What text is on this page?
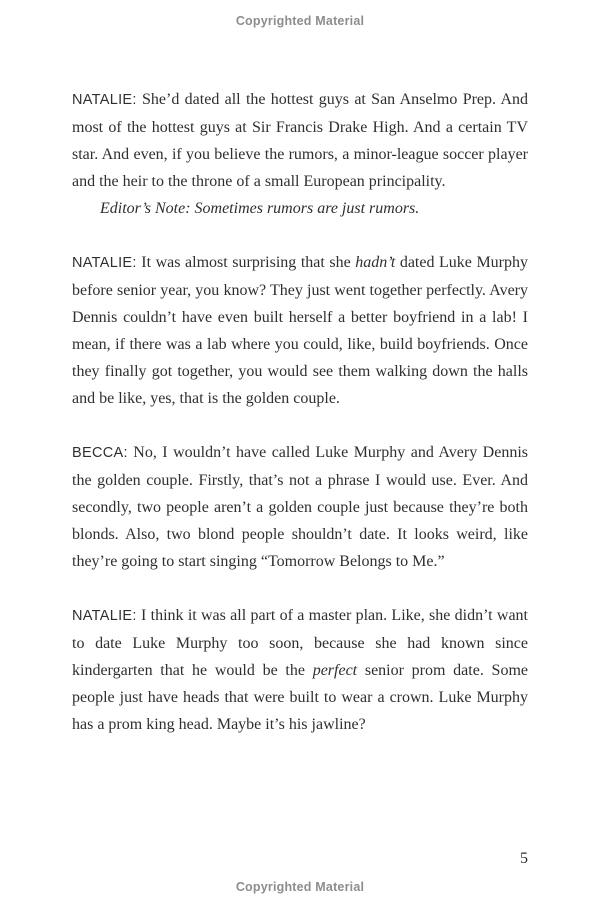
Copyrighted Material
NATALIE: She’d dated all the hottest guys at San Anselmo Prep. And most of the hottest guys at Sir Francis Drake High. And a certain TV star. And even, if you believe the rumors, a minor-league soccer player and the heir to the throne of a small European principality.
Editor’s Note: Sometimes rumors are just rumors.
NATALIE: It was almost surprising that she hadn’t dated Luke Murphy before senior year, you know? They just went together perfectly. Avery Dennis couldn’t have even built herself a better boyfriend in a lab! I mean, if there was a lab where you could, like, build boyfriends. Once they finally got together, you would see them walking down the halls and be like, yes, that is the golden couple.
BECCA: No, I wouldn’t have called Luke Murphy and Avery Dennis the golden couple. Firstly, that’s not a phrase I would use. Ever. And secondly, two people aren’t a golden couple just because they’re both blonds. Also, two blond people shouldn’t date. It looks weird, like they’re going to start singing “Tomorrow Belongs to Me.”
NATALIE: I think it was all part of a master plan. Like, she didn’t want to date Luke Murphy too soon, because she had known since kindergarten that he would be the perfect senior prom date. Some people just have heads that were built to wear a crown. Luke Murphy has a prom king head. Maybe it’s his jawline?
5
Copyrighted Material
